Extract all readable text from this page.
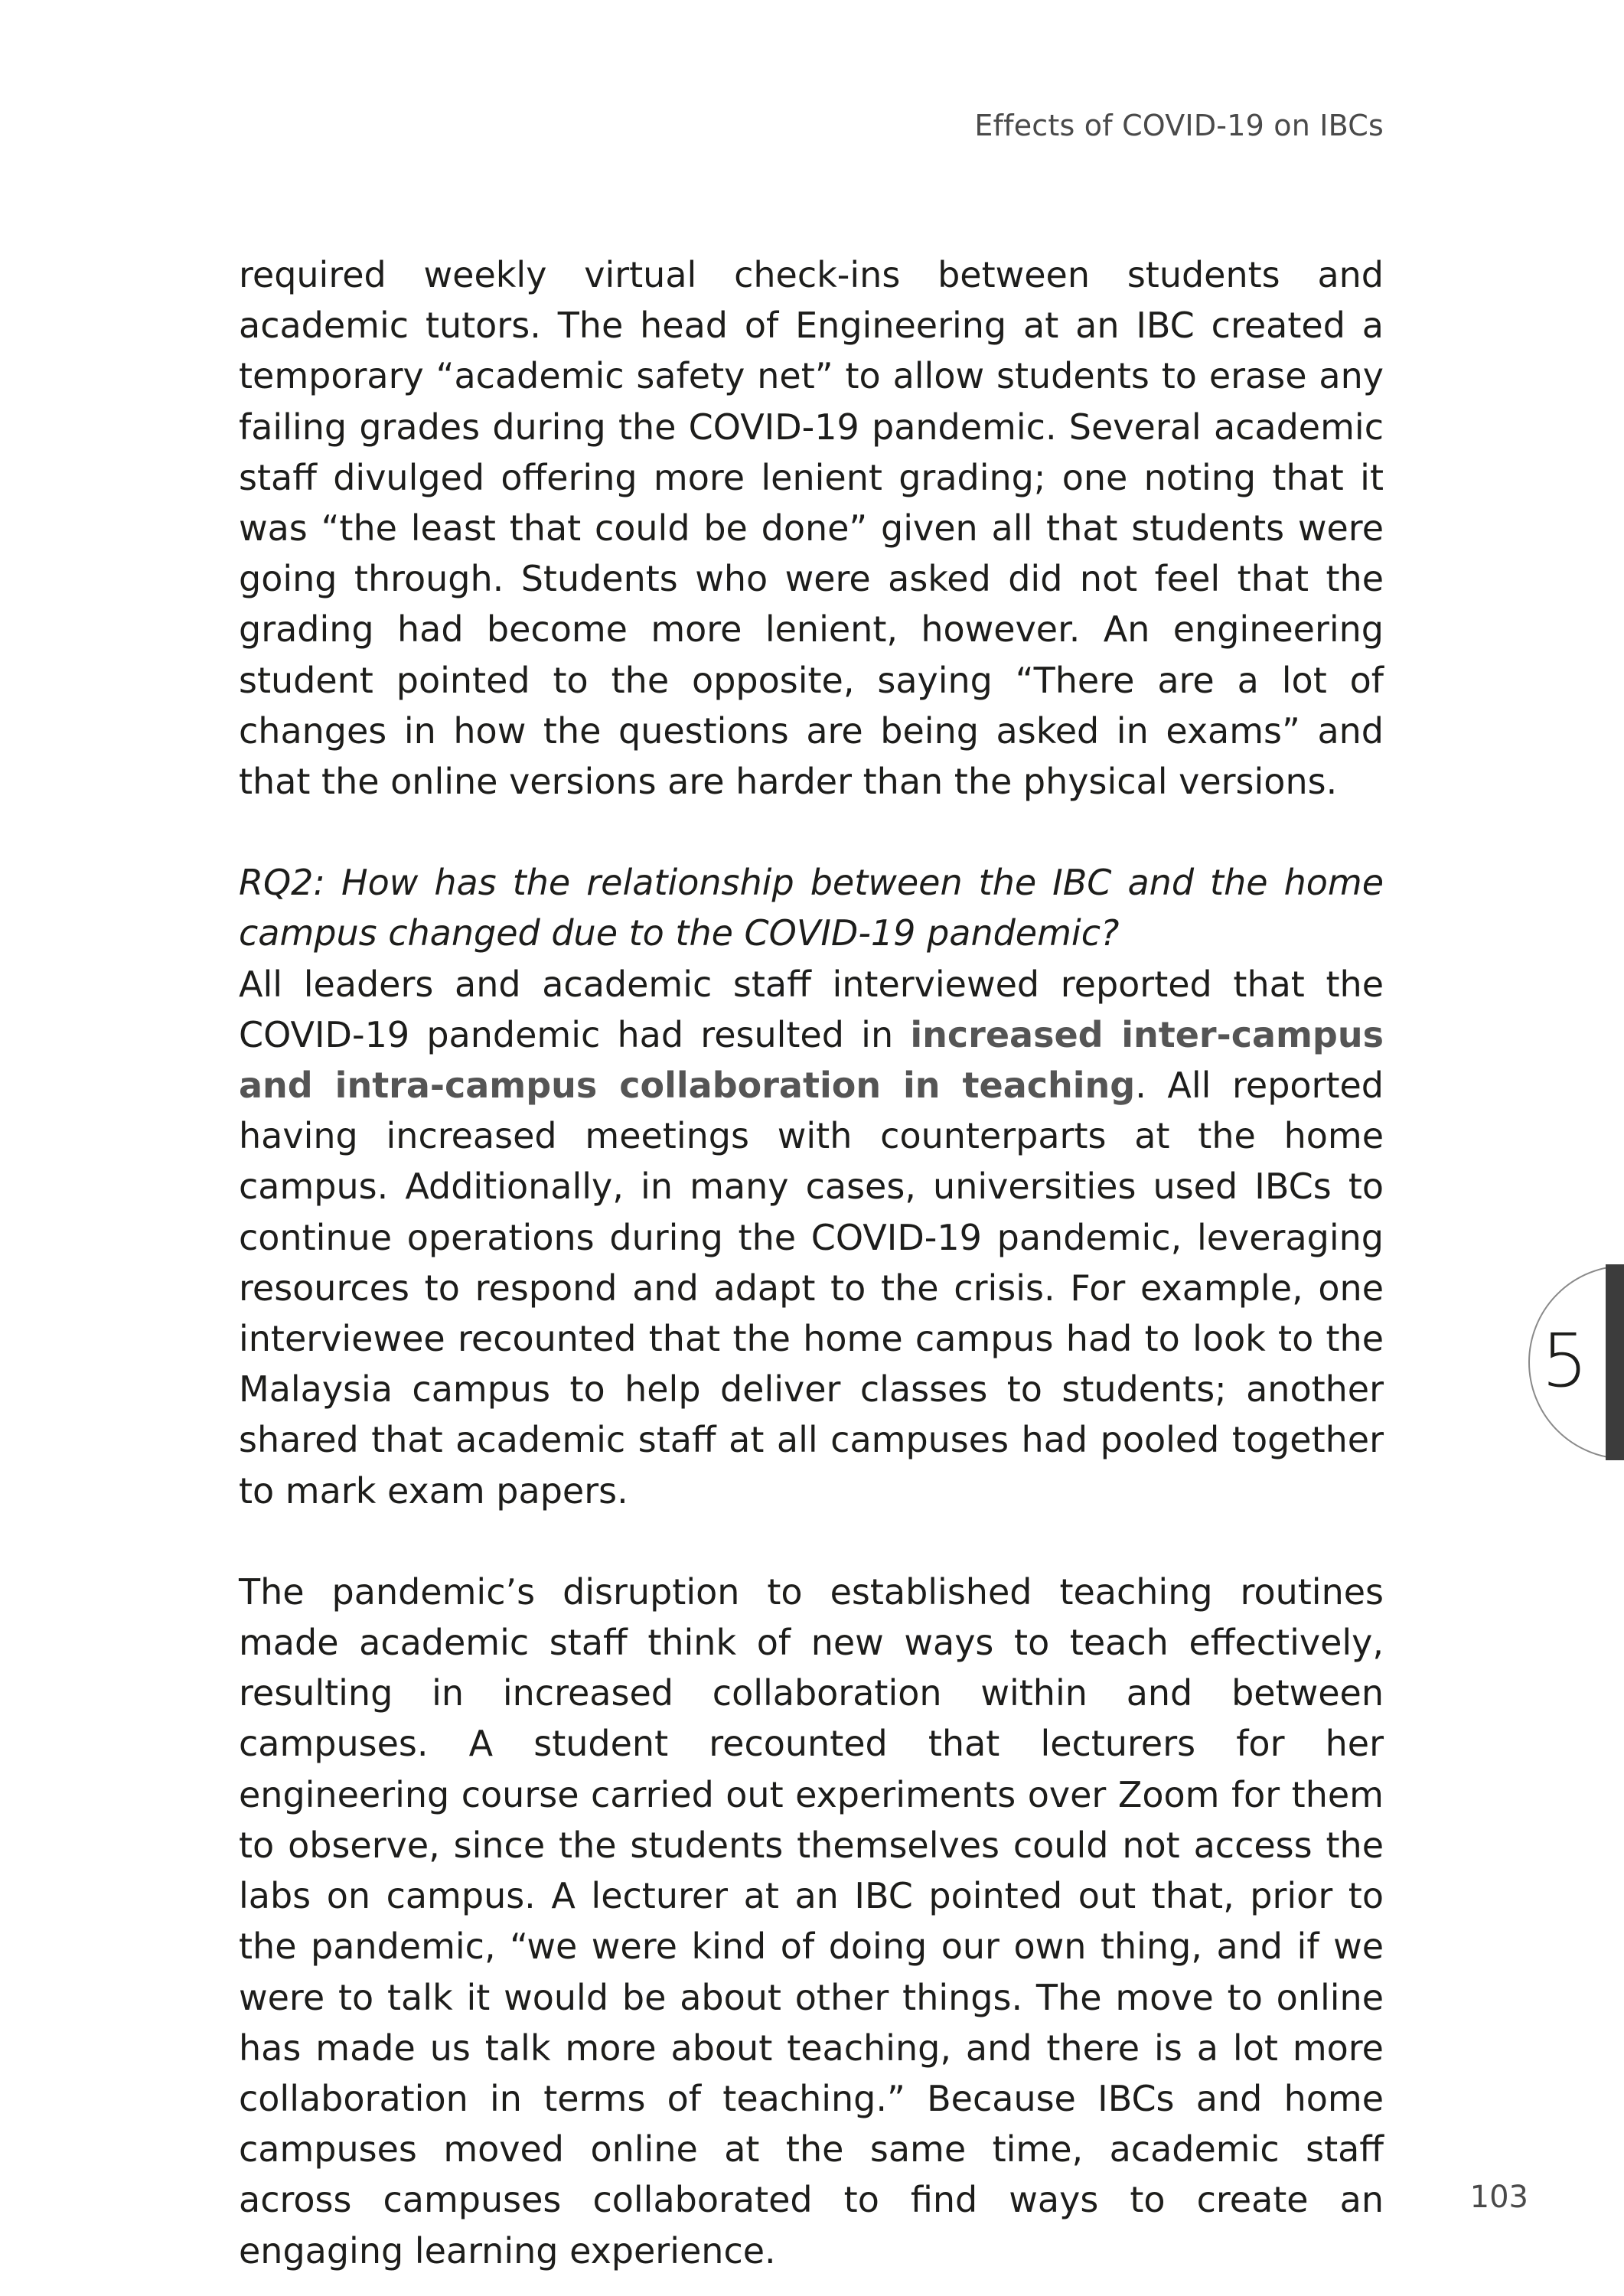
Effects of COVID-19 on IBCs

required weekly virtual check-ins between students and academic tutors. The head of Engineering at an IBC created a temporary “academic safety net” to allow students to erase any failing grades during the COVID-19 pandemic. Several academic staff divulged offering more lenient grading; one noting that it was “the least that could be done” given all that students were going through. Students who were asked did not feel that the grading had become more lenient, however. An engineering student pointed to the opposite, saying “There are a lot of changes in how the questions are being asked in exams” and that the online versions are harder than the physical versions.

RQ2: How has the relationship between the IBC and the home campus changed due to the COVID-19 pandemic?

All leaders and academic staff interviewed reported that the COVID-19 pandemic had resulted in increased inter-campus and intra-campus collaboration in teaching. All reported having increased meetings with counterparts at the home campus. Additionally, in many cases, universities used IBCs to continue operations during the COVID-19 pandemic, leveraging resources to respond and adapt to the crisis. For example, one interviewee recounted that the home campus had to look to the Malaysia campus to help deliver classes to students; another shared that academic staff at all campuses had pooled together to mark exam papers.

The pandemic’s disruption to established teaching routines made academic staff think of new ways to teach effectively, resulting in increased collaboration within and between campuses. A student recounted that lecturers for her engineering course carried out experiments over Zoom for them to observe, since the students themselves could not access the labs on campus. A lecturer at an IBC pointed out that, prior to the pandemic, “we were kind of doing our own thing, and if we were to talk it would be about other things. The move to online has made us talk more about teaching, and there is a lot more collaboration in terms of teaching.” Because IBCs and home campuses moved online at the same time, academic staff across campuses collaborated to find ways to create an engaging learning experience.

5
103
